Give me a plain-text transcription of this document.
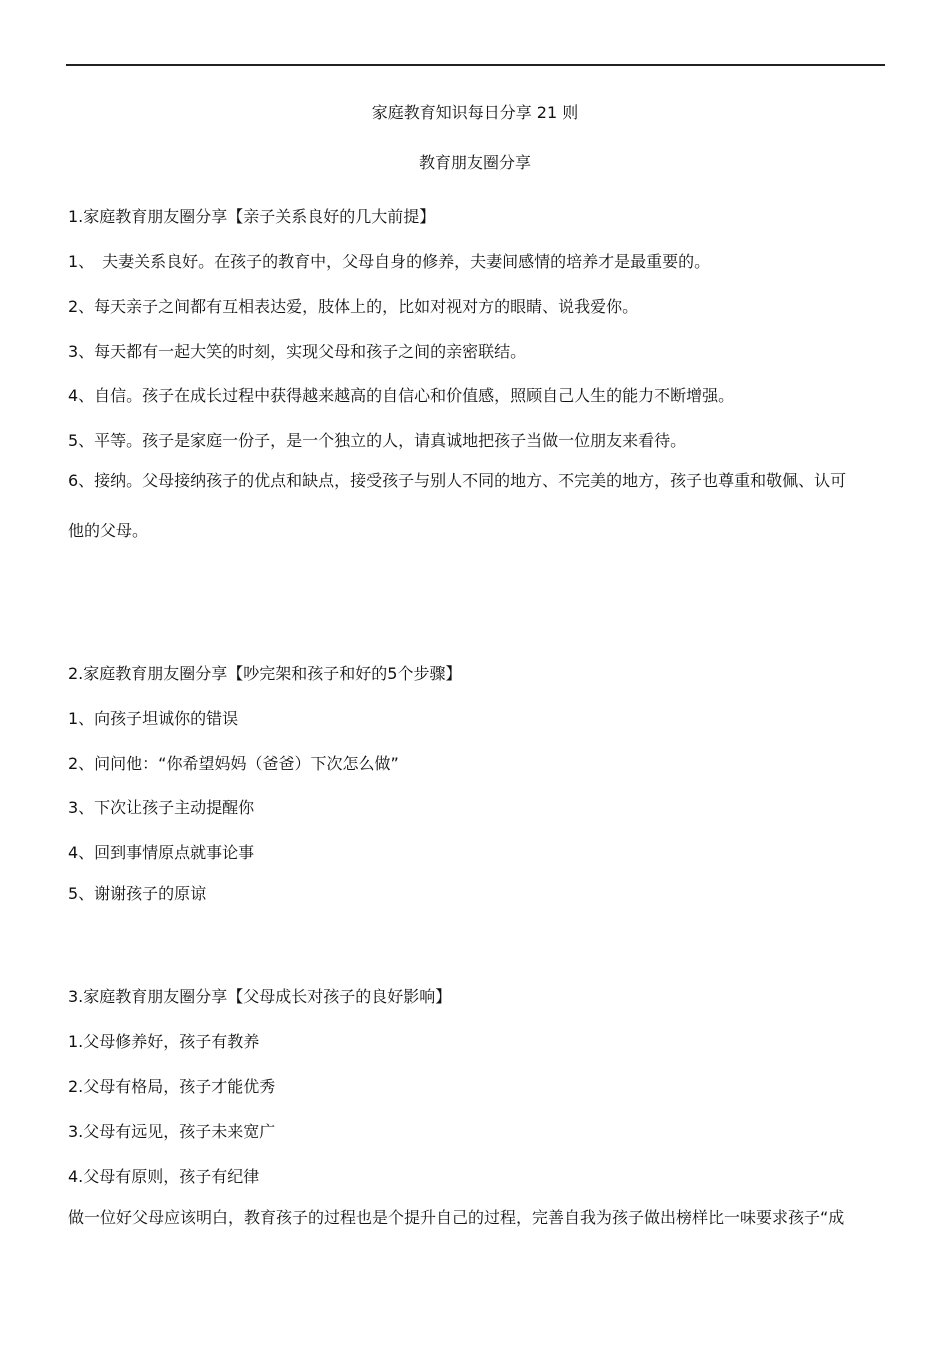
家庭教育知识每日分享 21 则
教育朋友圈分享
1.家庭教育朋友圈分享【亲子关系良好的几大前提】
1、　夫妻关系良好。在孩子的教育中，父母自身的修养，夫妻间感情的培养才是最重要的。
2、每天亲子之间都有互相表达爱，肢体上的，比如对视对方的眼睛、说我爱你。
3、每天都有一起大笑的时刻，实现父母和孩子之间的亲密联结。
4、自信。孩子在成长过程中获得越来越高的自信心和价值感，照顾自己人生的能力不断增强。
5、平等。孩子是家庭一份子，是一个独立的人，请真诚地把孩子当做一位朋友来看待。
6、接纳。父母接纳孩子的优点和缺点，接受孩子与别人不同的地方、不完美的地方，孩子也尊重和敬佩、认可
他的父母。
2.家庭教育朋友圈分享【吵完架和孩子和好的5个步骤】
1、向孩子坦诚你的错误
2、问问他：“你希望妈妈（爸爸）下次怎么做”
3、下次让孩子主动提醒你
4、回到事情原点就事论事
5、谢谢孩子的原谅
3.家庭教育朋友圈分享【父母成长对孩子的良好影响】
1.父母修养好，孩子有教养
2.父母有格局，孩子才能优秀
3.父母有远见，孩子未来宽广
4.父母有原则，孩子有纪律
做一位好父母应该明白，教育孩子的过程也是个提升自己的过程，完善自我为孩子做出榜样比一味要求孩子“成
